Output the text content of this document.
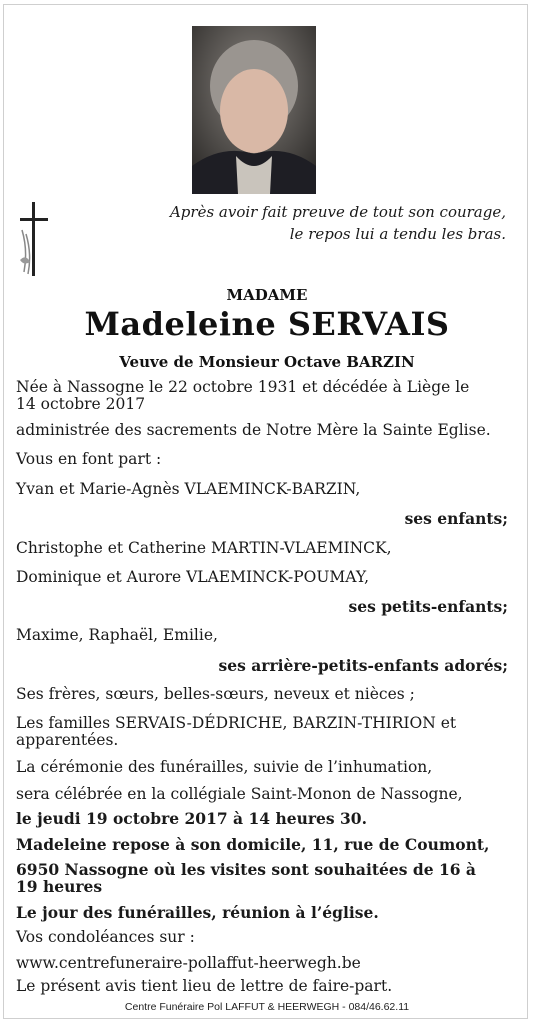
Après avoir fait preuve de tout son courage,
le repos lui a tendu les bras.
MADAME
Madeleine SERVAIS
Veuve de Monsieur Octave BARZIN
Née à Nassogne le 22 octobre 1931 et décédée à Liège le
14 octobre 2017
administrée des sacrements de Notre Mère la Sainte Eglise.
Vous en font part :
Yvan et Marie-Agnès VLAEMINCK-BARZIN,
ses enfants;
Christophe et Catherine MARTIN-VLAEMINCK,
Dominique et Aurore VLAEMINCK-POUMAY,
ses petits-enfants;
Maxime, Raphaël, Emilie,
ses arrière-petits-enfants adorés;
Ses frères, sœurs, belles-sœurs, neveux et nièces ;
Les familles SERVAIS-DÉDRICHE, BARZIN-THIRION et
apparentées.
La cérémonie des funérailles, suivie de l’inhumation,
sera célébrée en la collégiale Saint-Monon de Nassogne,
le jeudi 19 octobre 2017 à 14 heures 30.
Madeleine repose à son domicile, 11, rue de Coumont,
6950 Nassogne où les visites sont souhaitées de 16 à
19 heures
Le jour des funérailles, réunion à l’église.
Vos condoléances sur :
www.centrefuneraire-pollaffut-heerwegh.be
Le présent avis tient lieu de lettre de faire-part.
Centre Funéraire Pol LAFFUT & HEERWEGH - 084/46.62.11
